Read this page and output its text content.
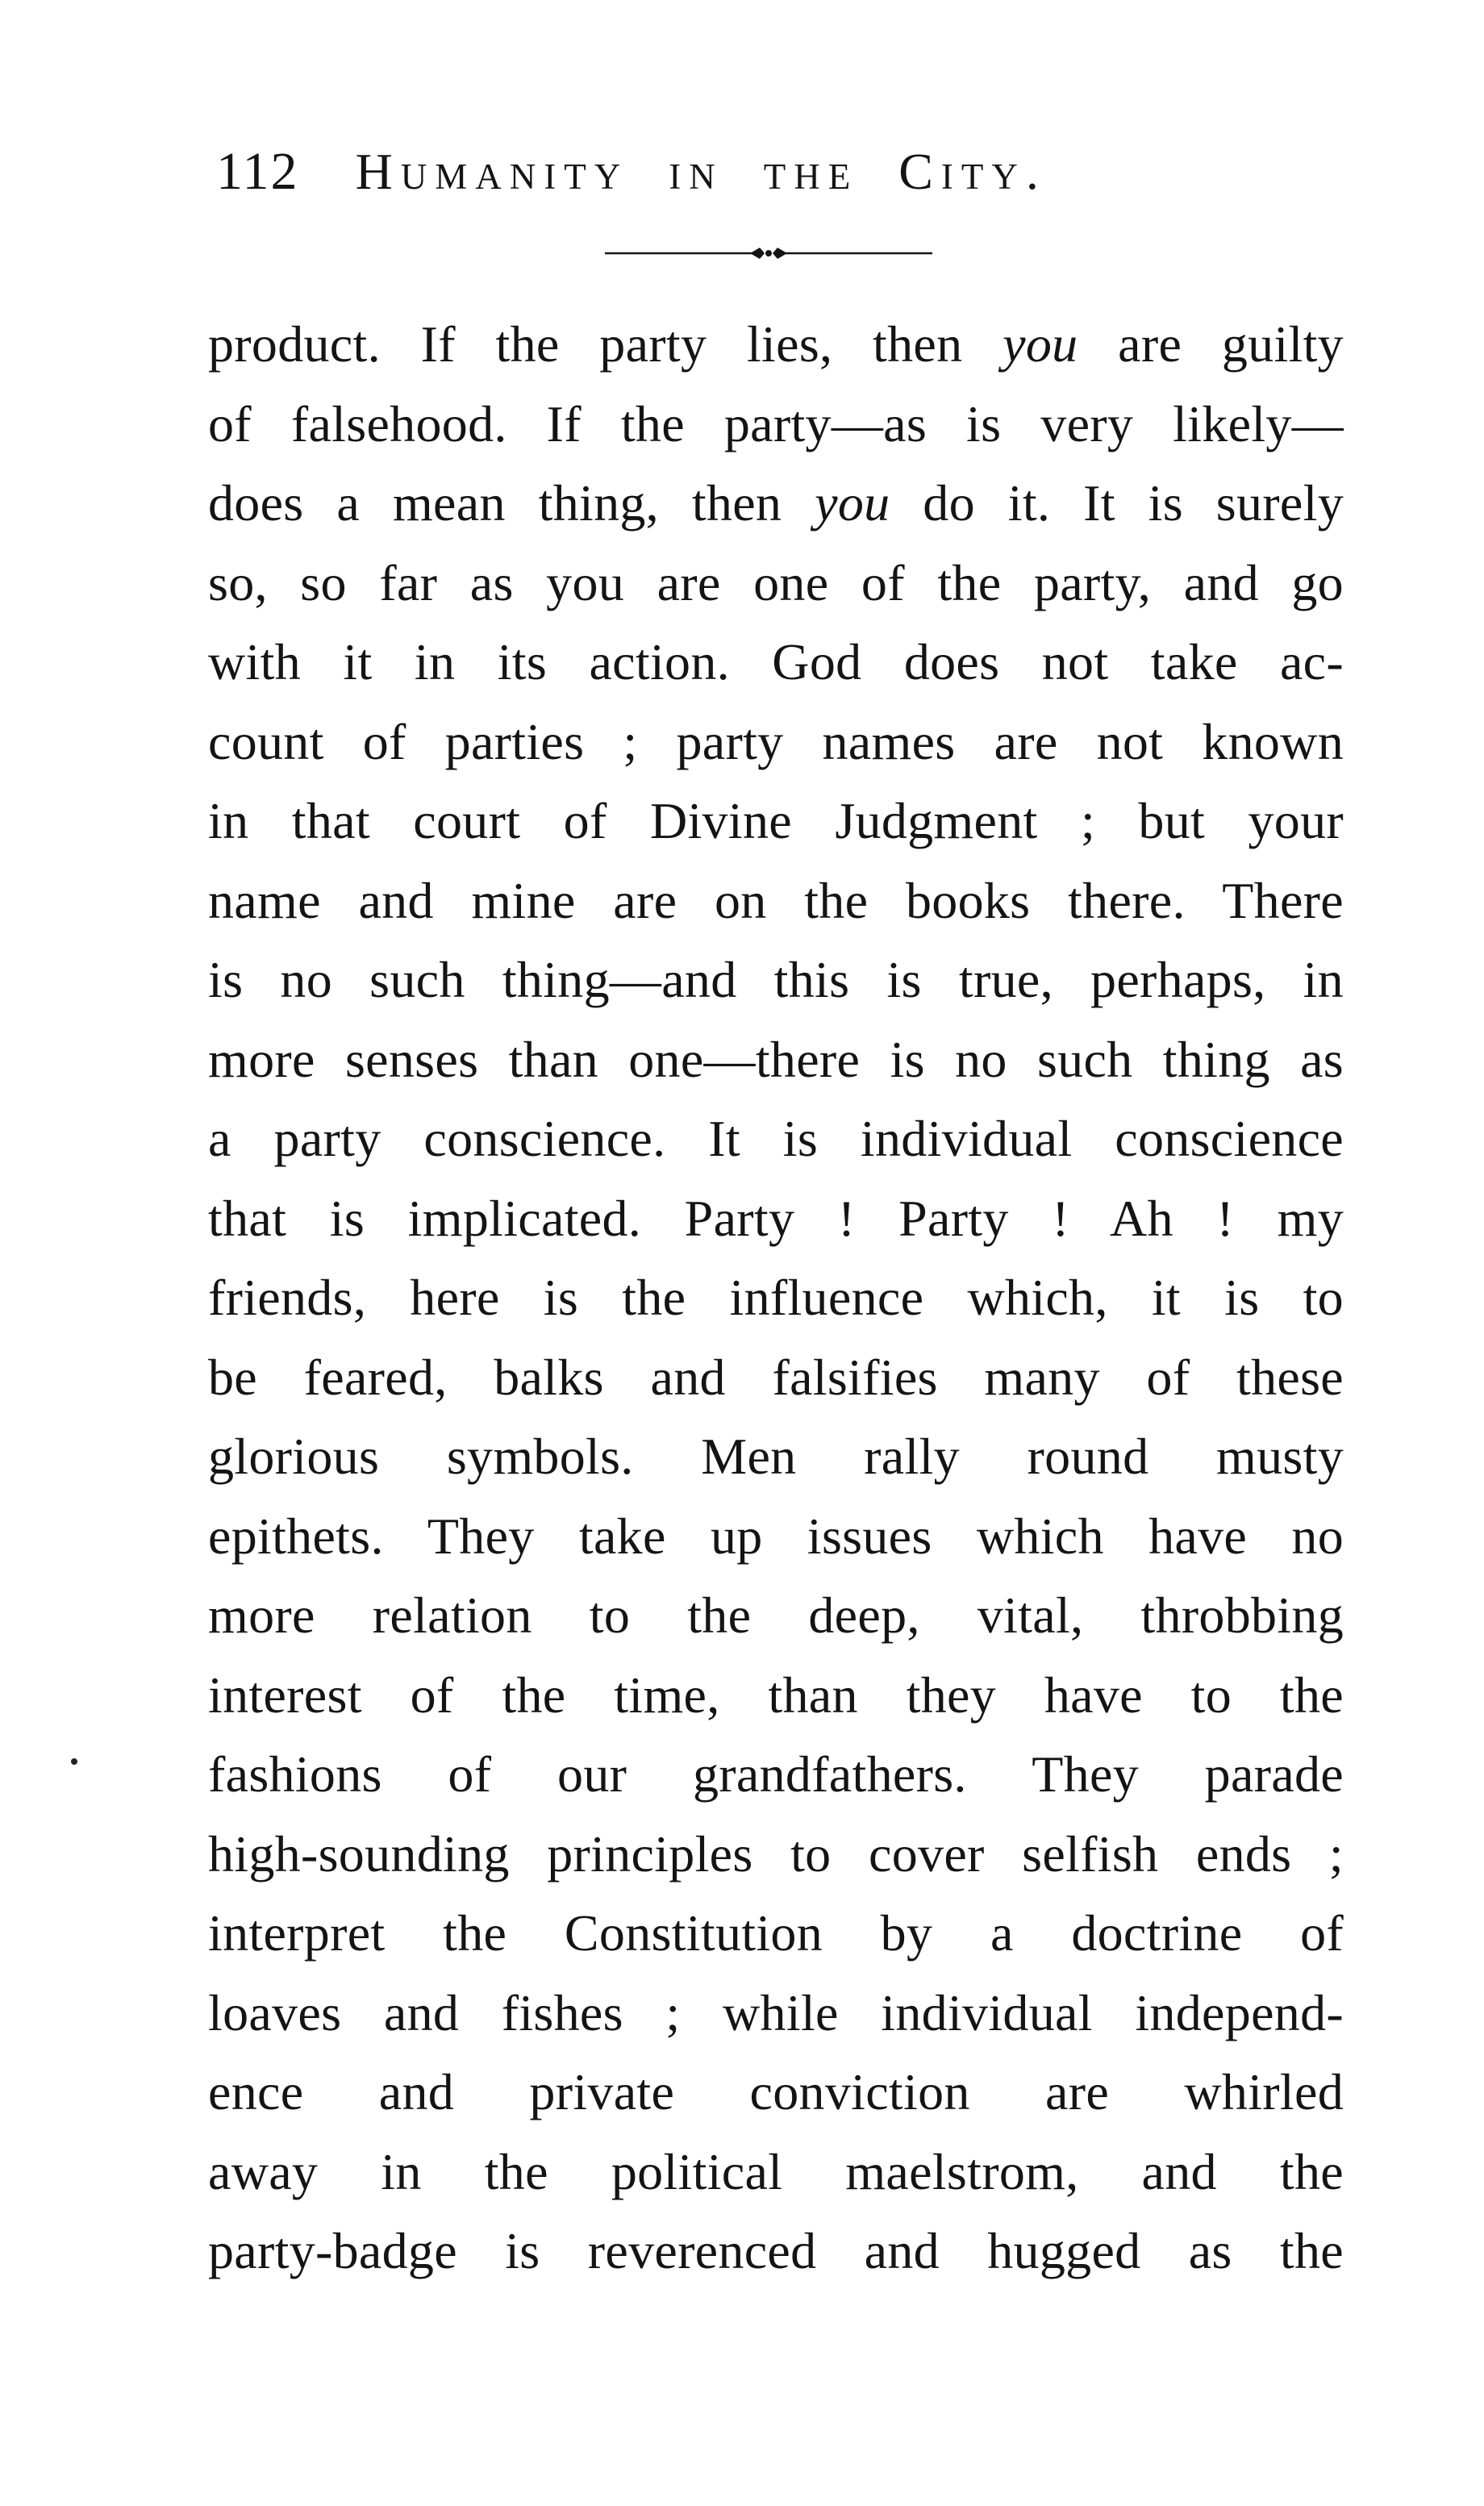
112 Humanity in the City.
product. If the party lies, then you are guilty
of falsehood. If the party—as is very likely—
does a mean thing, then you do it. It is surely
so, so far as you are one of the party, and go
with it in its action. God does not take ac-
count of parties ; party names are not known
in that court of Divine Judgment ; but your
name and mine are on the books there. There
is no such thing—and this is true, perhaps, in
more senses than one—there is no such thing as
a party conscience. It is individual conscience
that is implicated. Party ! Party ! Ah ! my
friends, here is the influence which, it is to
be feared, balks and falsifies many of these
glorious symbols. Men rally round musty
epithets. They take up issues which have no
more relation to the deep, vital, throbbing
interest of the time, than they have to the
fashions of our grandfathers. They parade
high-sounding principles to cover selfish ends ;
interpret the Constitution by a doctrine of
loaves and fishes ; while individual independ-
ence and private conviction are whirled
away in the political maelstrom, and the
party-badge is reverenced and hugged as the
